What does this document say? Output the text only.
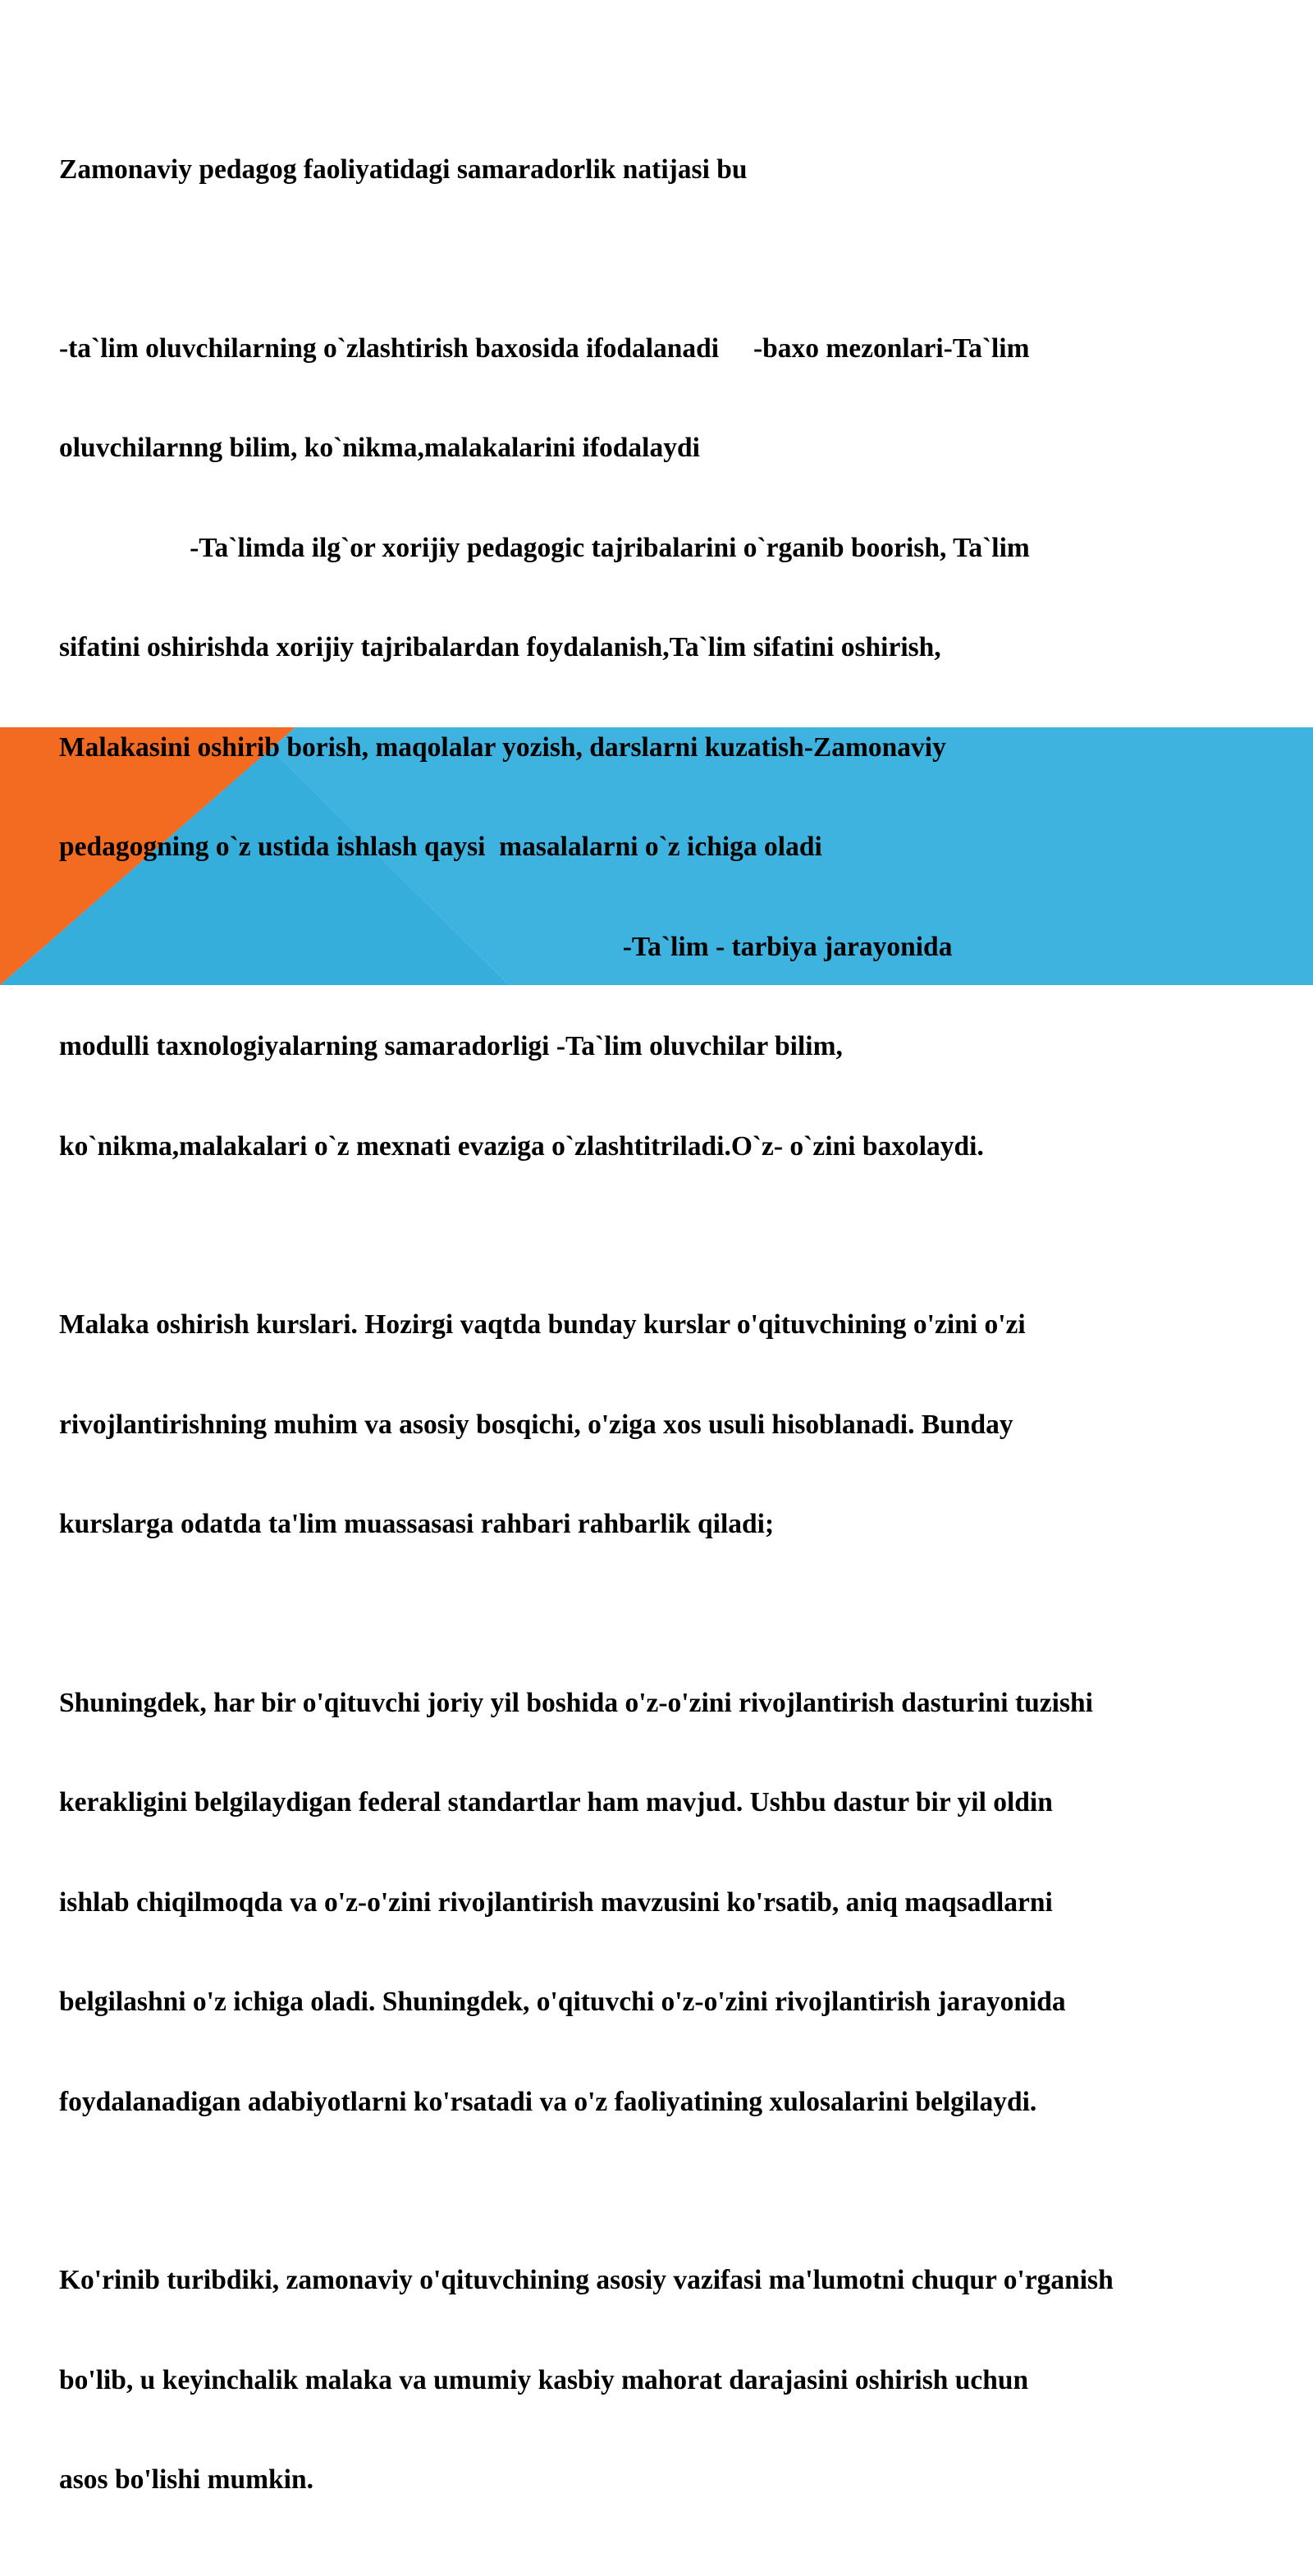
Zamonaviy pedagog faoliyatidagi samaradorlik natijasi bu

-ta`lim oluvchilarning o`zlashtirish baxosida ifodalanadi     -baxo mezonlari-Ta`lim

oluvchilarnng bilim, ko`nikma,malakalarini ifodalaydi

-Ta`limda ilg`or xorijiy pedagogic tajribalarini o`rganib boorish, Ta`lim

sifatini oshirishda xorijiy tajribalardan foydalanish,Ta`lim sifatini oshirish,

Malakasini oshirib borish, maqolalar yozish, darslarni kuzatish-Zamonaviy

pedagogning o`z ustida ishlash qaysi  masalalarni o`z ichiga oladi

-Ta`lim - tarbiya jarayonida

modulli taxnologiyalarning samaradorligi -Ta`lim oluvchilar bilim,

ko`nikma,malakalari o`z mexnati evaziga o`zlashtitriladi.O`z- o`zini baxolaydi.

Malaka oshirish kurslari. Hozirgi vaqtda bunday kurslar o'qituvchining o'zini o'zi

rivojlantirishning muhim va asosiy bosqichi, o'ziga xos usuli hisoblanadi. Bunday

kurslarga odatda ta'lim muassasasi rahbari rahbarlik qiladi;

Shuningdek, har bir o'qituvchi joriy yil boshida o'z-o'zini rivojlantirish dasturini tuzishi

kerakligini belgilaydigan federal standartlar ham mavjud. Ushbu dastur bir yil oldin

ishlab chiqilmoqda va o'z-o'zini rivojlantirish mavzusini ko'rsatib, aniq maqsadlarni

belgilashni o'z ichiga oladi. Shuningdek, o'qituvchi o'z-o'zini rivojlantirish jarayonida

foydalanadigan adabiyotlarni ko'rsatadi va o'z faoliyatining xulosalarini belgilaydi.

Ko'rinib turibdiki, zamonaviy o'qituvchining asosiy vazifasi ma'lumotni chuqur o'rganish

bo'lib, u keyinchalik malaka va umumiy kasbiy mahorat darajasini oshirish uchun

asos bo'lishi mumkin.
